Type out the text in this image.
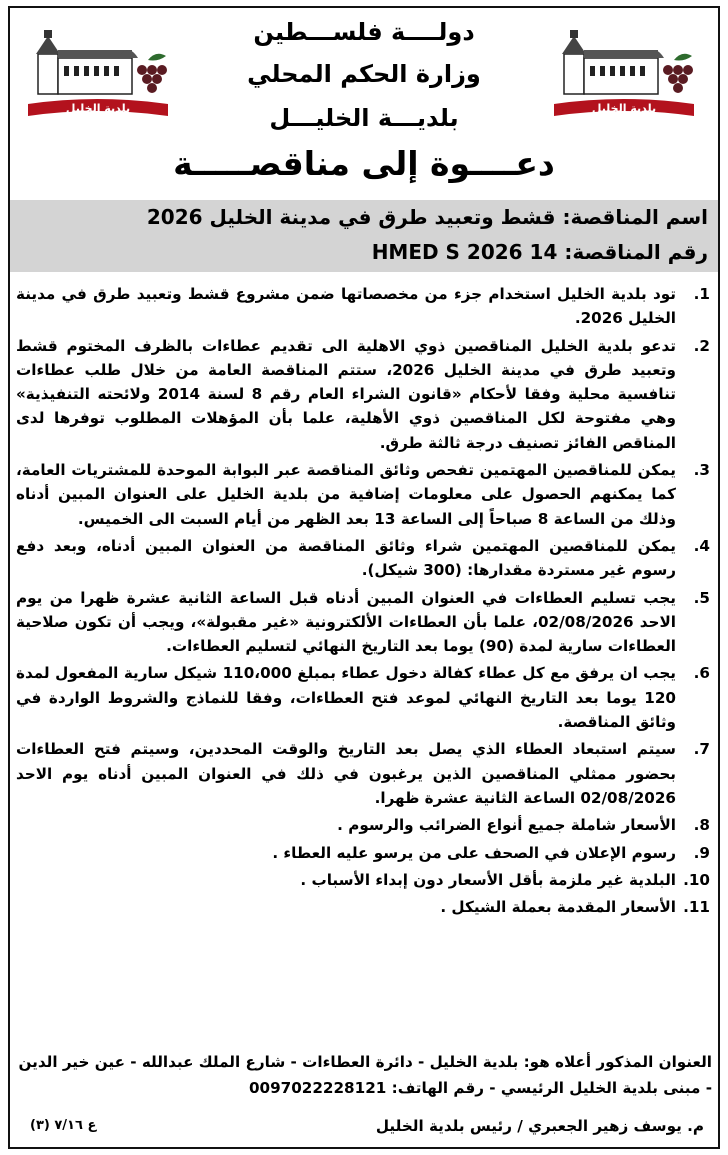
بلدية الخليل	بلدية الخليل
دولــــة فلســـطين
وزارة الحكم المحلي
بلديـــة الخليـــل
دعــــوة إلى مناقصـــــة
اسم المناقصة: قشط وتعبيد طرق في مدينة الخليل 2026
رقم المناقصة: HMED S 2026 14
.1
تود بلدية الخليل استخدام جزء من مخصصاتها ضمن مشروع قشط وتعبيد طرق في مدينة الخليل 2026.
.2
تدعو بلدية الخليل المناقصين ذوي الاهلية الى تقديم عطاءات بالظرف المختوم قشط وتعبيد طرق في مدينة الخليل 2026، ستتم المناقصة العامة من خلال طلب عطاءات تنافسية محلية وفقا لأحكام «قانون الشراء العام رقم 8 لسنة 2014 ولائحته التنفيذية» وهي مفتوحة لكل المناقصين ذوي الأهلية، علما بأن المؤهلات المطلوب توفرها لدى المناقص الفائز تصنيف درجة ثالثة طرق.
.3
يمكن للمناقصين المهتمين تفحص وثائق المناقصة عبر البوابة الموحدة للمشتريات العامة، كما يمكنهم الحصول على معلومات إضافية من بلدية الخليل على العنوان المبين أدناه وذلك من الساعة 8 صباحاً إلى الساعة 13 بعد الظهر من أيام السبت الى الخميس.
.4
يمكن للمناقصين المهتمين شراء وثائق المناقصة من العنوان المبين أدناه، وبعد دفع رسوم غير مستردة مقدارها: (300 شيكل).
.5
يجب تسليم العطاءات في العنوان المبين أدناه قبل الساعة الثانية عشرة ظهرا من يوم الاحد 02/08/2026، علما بأن العطاءات الألكترونية «غير مقبولة»، ويجب أن تكون صلاحية العطاءات سارية لمدة (90) يوما بعد التاريخ النهائي لتسليم العطاءات.
.6
يجب ان يرفق مع كل عطاء كفالة دخول عطاء بمبلغ 110،000 شيكل سارية المفعول لمدة 120 يوما بعد التاريخ النهائي لموعد فتح العطاءات، وفقا للنماذج والشروط الواردة في وثائق المناقصة.
.7
سيتم استبعاد العطاء الذي يصل بعد التاريخ والوقت المحددين، وسيتم فتح العطاءات بحضور ممثلي المناقصين الذين يرغبون في ذلك في العنوان المبين أدناه يوم الاحد 02/08/2026 الساعة الثانية عشرة ظهرا.
.8
الأسعار شاملة جميع أنواع الضرائب والرسوم .
.9
رسوم الإعلان في الصحف على من يرسو عليه العطاء .
.10
البلدية غير ملزمة بأقل الأسعار دون إبداء الأسباب .
.11
الأسعار المقدمة بعملة الشيكل .
العنوان المذكور أعلاه هو: بلدية الخليل - دائرة العطاءات - شارع الملك عبدالله - عين خير الدين - مبنى بلدية الخليل الرئيسي - رقم الهاتف: 0097022228121
م. يوسف زهير الجعبري / رئيس بلدية الخليل
ع ٧/١٦ (٣)
